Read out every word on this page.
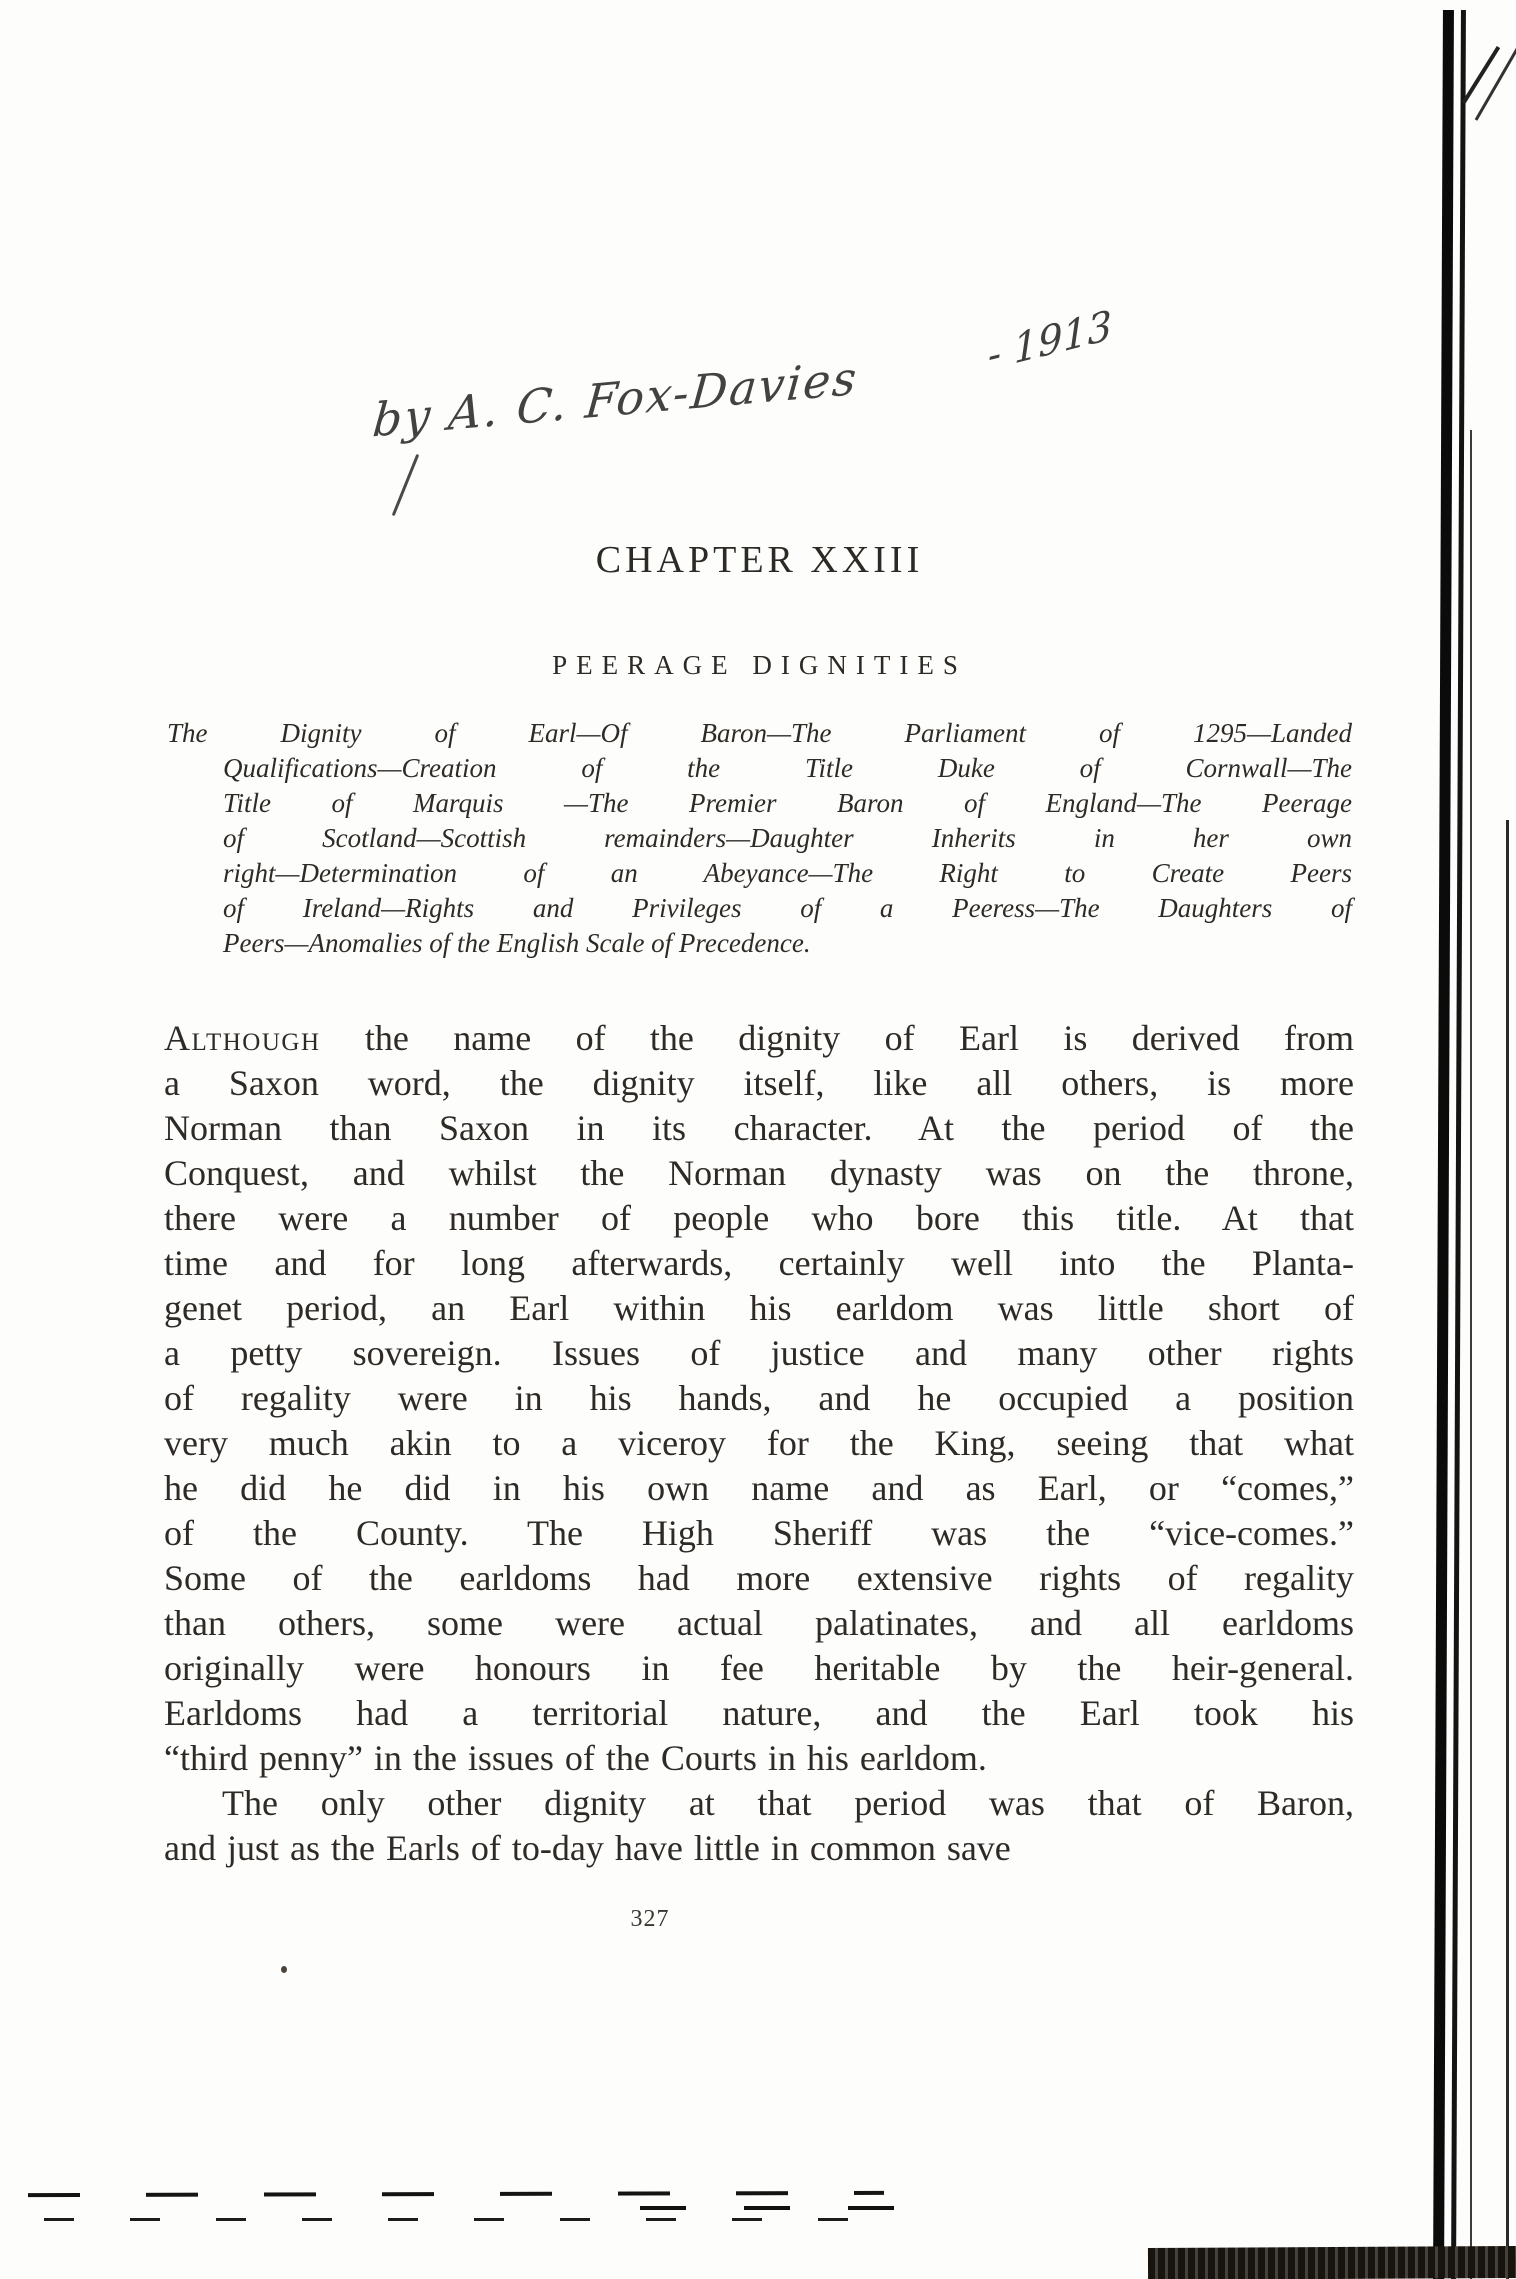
by A. C. Fox-Davies
- 1913
CHAPTER XXIII
PEERAGE DIGNITIES
The Dignity of Earl—Of Baron—The Parliament of 1295—Landed
Qualifications—Creation of the Title Duke of Cornwall—The
Title of Marquis —The Premier Baron of England—The Peerage
of Scotland—Scottish remainders—Daughter Inherits in her own
right—Determination of an Abeyance—The Right to Create Peers
of Ireland—Rights and Privileges of a Peeress—The Daughters of
Peers—Anomalies of the English Scale of Precedence.
Although the name of the dignity of Earl is derived from
a Saxon word, the dignity itself, like all others, is more
Norman than Saxon in its character. At the period of the
Conquest, and whilst the Norman dynasty was on the throne,
there were a number of people who bore this title. At that
time and for long afterwards, certainly well into the Planta-
genet period, an Earl within his earldom was little short of
a petty sovereign. Issues of justice and many other rights
of regality were in his hands, and he occupied a position
very much akin to a viceroy for the King, seeing that what
he did he did in his own name and as Earl, or “comes,”
of the County. The High Sheriff was the “vice-comes.”
Some of the earldoms had more extensive rights of regality
than others, some were actual palatinates, and all earldoms
originally were honours in fee heritable by the heir-general.
Earldoms had a territorial nature, and the Earl took his
“third penny” in the issues of the Courts in his earldom.
The only other dignity at that period was that of Baron,
and just as the Earls of to-day have little in common save
327
